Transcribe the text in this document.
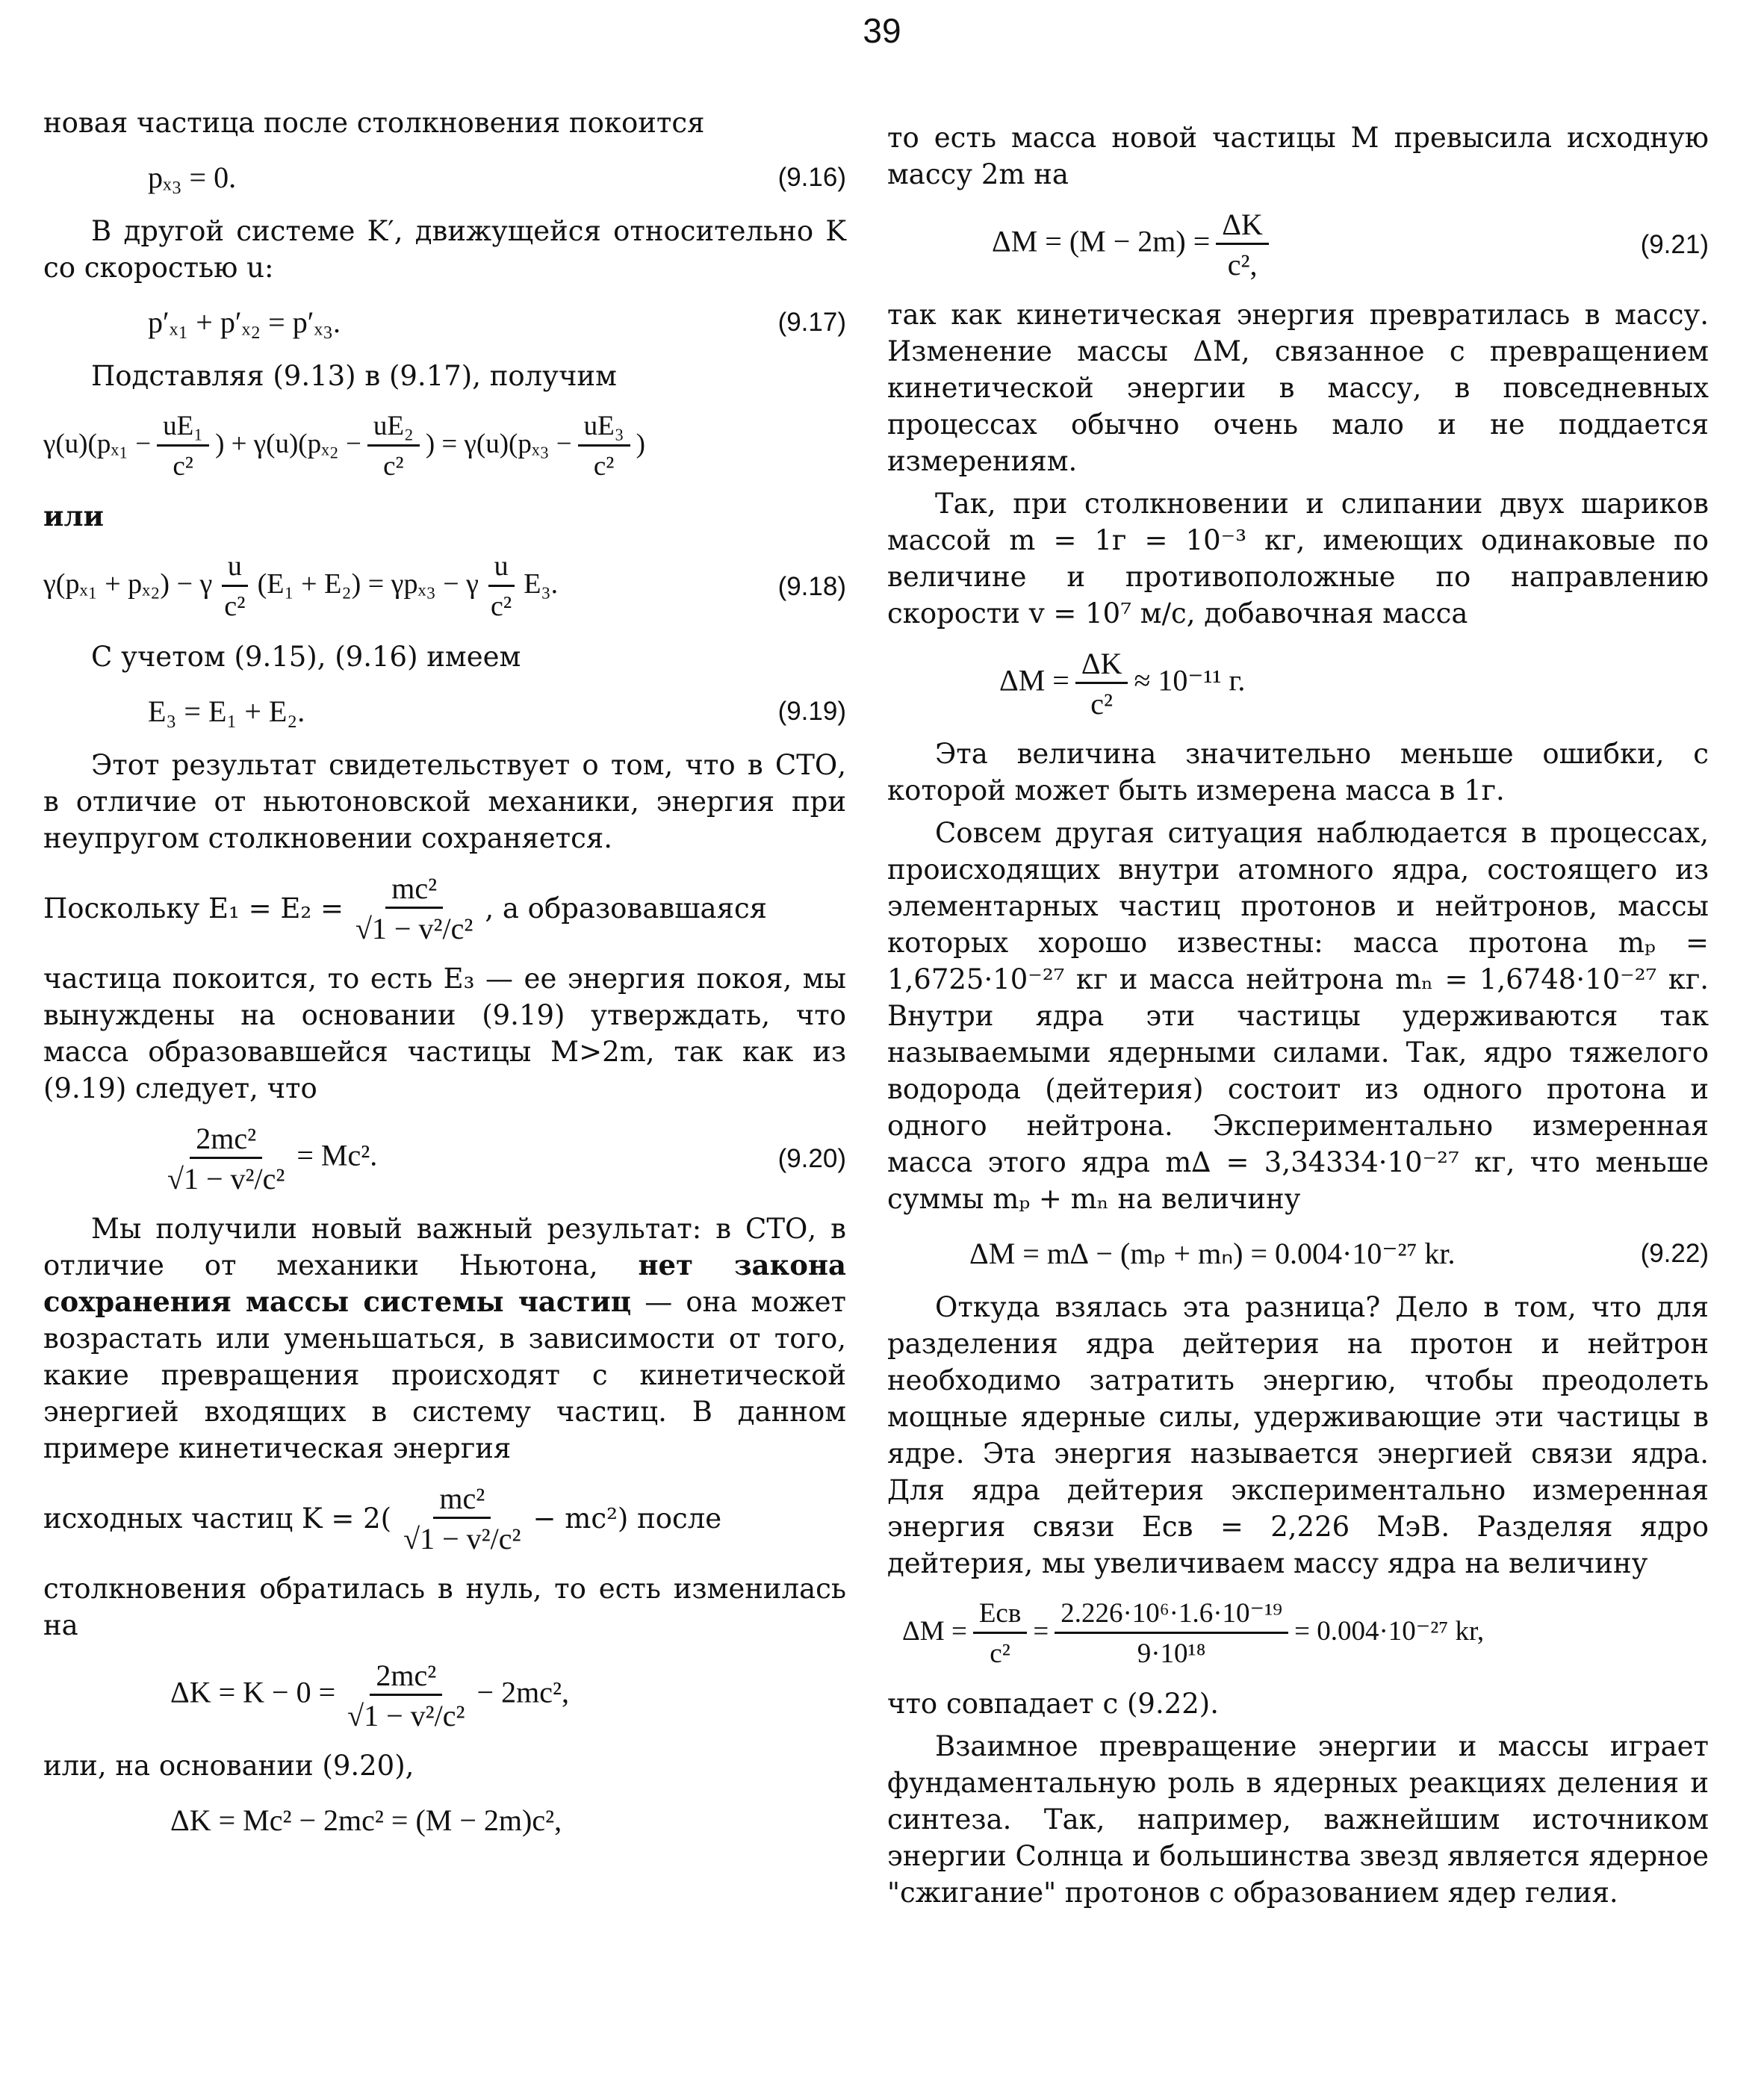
39

новая частица после столкновения покоится

pₓ₃ = 0.	(9.16)

В другой системе K′, движущейся относительно K со скоростью u:

p′ₓ₁ + p′ₓ₂ = p′ₓ₃.	(9.17)

Подставляя (9.13) в (9.17), получим

$\gamma(u)(p_{x1} - \frac{\text{uE₁}}{\text{c²}}$ ) + $\gamma(u)(p_{x2} - \frac{\text{uE₂}}{\text{c²}}$ ) = $\gamma(u)(p_{x3} - \frac{\text{uE₃}}{\text{c²}}$ )

или

γ(pₓ₁ + pₓ₂) − γ $\frac{u}{\text{c²}} (E_1 + E_2) = \gamma p_{x3} - \gamma \frac{u}{\text{c²}} E_3$.	(9.18)

С учетом (9.15), (9.16) имеем

E₃ = E₁ + E₂.	(9.19)

Этот результат свидетельствует о том, что в СТО, в отличие от ньютоновской механики, энергия при неупругом столкновении сохраняется.

Поскольку $E_1 = E_2 = \frac{\text{mc²}}{\text{√1 − v²/c²}}$ , а образовавшаяся

частица покоится, то есть E₃ — ее энергия покоя, мы вынуждены на основании (9.19) утверждать, что масса образовавшейся частицы M>2m, так как из (9.19) следует, что

$\frac{\text{2mc²}}{\text{√1 − v²/c²}} = Mc^2$.	(9.20)

Мы получили новый важный результат: в СТО, в отличие от механики Ньютона, нет закона сохранения массы системы частиц — она может возрастать или уменьшаться, в зависимости от того, какие превращения происходят с кинетической энергией входящих в систему частиц. В данном примере кинетическая энергия

исходных частиц $K = 2( \frac{\text{mc²}}{\text{√1 − v²/c²}} - mc^2)$ после

столкновения обратилась в нуль, то есть изменилась на

$\Delta K = K - 0 = \frac{\text{2mc²}}{\text{√1 − v²/c²}} - 2mc^2$,

или, на основании (9.20),

ΔK = Mc² − 2mc² = (M − 2m)c²,

то есть масса новой частицы M превысила исходную массу 2m на

$\Delta M = (M - 2m) = \frac{\Delta K}{\text{c²,}}$	(9.21)

так как кинетическая энергия превратилась в массу. Изменение массы ΔM, связанное с превращением кинетической энергии в массу, в повседневных процессах обычно очень мало и не поддается измерениям.

Так, при столкновении и слипании двух шариков массой m = 1г = 10⁻³ кг, имеющих одинаковые по величине и противоположные по направлению скорости v = 10⁷ м/с, добавочная масса

$\Delta M = \frac{\Delta K}{\text{c²}} \approx 10^{-11}$ г.

Эта величина значительно меньше ошибки, с которой может быть измерена масса в 1г.

Совсем другая ситуация наблюдается в процессах, происходящих внутри атомного ядра, состоящего из элементарных частиц протонов и нейтронов, массы которых хорошо известны: масса протона mₚ = 1,6725·10⁻²⁷ кг и масса нейтрона mₙ = 1,6748·10⁻²⁷ кг. Внутри ядра эти частицы удерживаются так называемыми ядерными силами. Так, ядро тяжелого водорода (дейтерия) состоит из одного протона и одного нейтрона. Экспериментально измеренная масса этого ядра m∆ = 3,34334·10⁻²⁷ кг, что меньше суммы mₚ + mₙ на величину

ΔM = m∆ − (mₚ + mₙ) = 0.004·10⁻²⁷ kr.	(9.22)

Откуда взялась эта разница? Дело в том, что для разделения ядра дейтерия на протон и нейтрон необходимо затратить энергию, чтобы преодолеть мощные ядерные силы, удерживающие эти частицы в ядре. Эта энергия называется энергией связи ядра. Для ядра дейтерия экспериментально измеренная энергия связи Eсв = 2,226 МэВ. Разделяя ядро дейтерия, мы увеличиваем массу ядра на величину

$\Delta M = \frac{\text{Eсв}}{\text{c²}} = \frac{\text{2.226·10⁶·1.6·10⁻¹⁹}}{\text{9·10¹⁸}} = 0.004\cdot 10^{-27}$ kr,

что совпадает с (9.22).

Взаимное превращение энергии и массы играет фундаментальную роль в ядерных реакциях деления и синтеза. Так, например, важнейшим источником энергии Солнца и большинства звезд является ядерное "сжигание" протонов с образованием ядер гелия.
